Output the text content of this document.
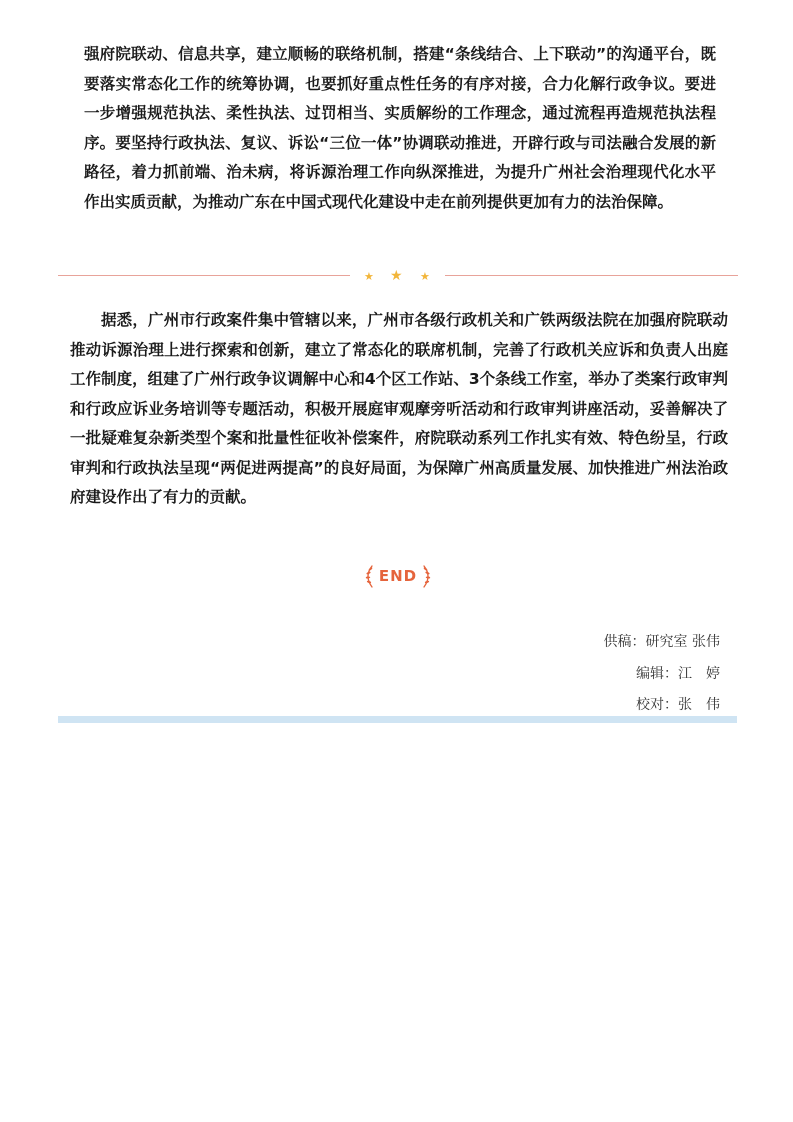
强府院联动、信息共享，建立顺畅的联络机制，搭建“条线结合、上下联动”的沟通平台，既要落实常态化工作的统筹协调，也要抓好重点性任务的有序对接，合力化解行政争议。要进一步增强规范执法、柔性执法、过罚相当、实质解纷的工作理念，通过流程再造规范执法程序。要坚持行政执法、复议、诉讼“三位一体”协调联动推进，开辟行政与司法融合发展的新路径，着力抓前端、治未病，将诉源治理工作向纵深推进，为提升广州社会治理现代化水平作出实质贡献，为推动广东在中国式现代化建设中走在前列提供更加有力的法治保障。

★ ★ ★

据悉，广州市行政案件集中管辖以来，广州市各级行政机关和广铁两级法院在加强府院联动推动诉源治理上进行探索和创新，建立了常态化的联席机制，完善了行政机关应诉和负责人出庭工作制度，组建了广州行政争议调解中心和4个区工作站、3个条线工作室，举办了类案行政审判和行政应诉业务培训等专题活动，积极开展庭审观摩旁听活动和行政审判讲座活动，妥善解决了一批疑难复杂新类型个案和批量性征收补偿案件，府院联动系列工作扎实有效、特色纷呈，行政审判和行政执法呈现“两促进两提高”的良好局面，为保障广州高质量发展、加快推进广州法治政府建设作出了有力的贡献。

END
供稿：研究室 张伟
编辑：江　婷
校对：张　伟
